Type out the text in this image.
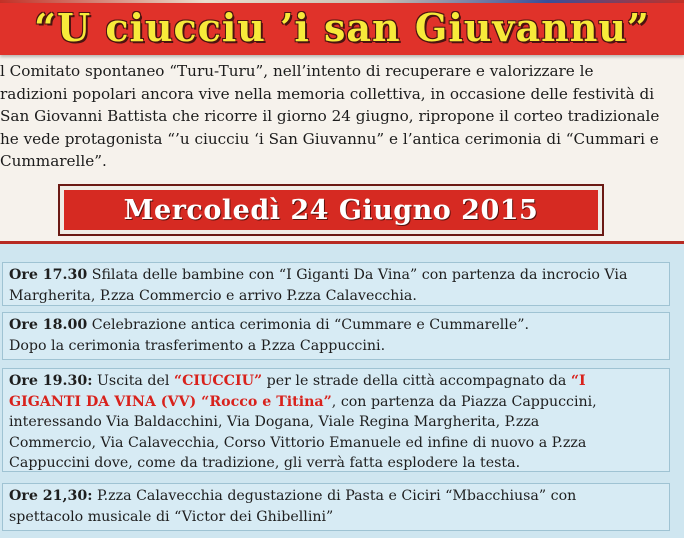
“U ciucciu ’i san Giuvannu”
l Comitato spontaneo “Turu-Turu”, nell’intento di recuperare e valorizzare le
radizioni popolari ancora vive nella memoria collettiva, in occasione delle festività di
San Giovanni Battista che ricorre il giorno 24 giugno, ripropone il corteo tradizionale
he vede protagonista “’u ciucciu ‘i San Giuvannu” e l’antica cerimonia di “Cummari e
Cummarelle”.
Mercoledì 24 Giugno 2015
Ore 17.30 Sfilata delle bambine con “I Giganti Da Vina” con partenza da incrocio Via
Margherita, P.zza Commercio e arrivo P.zza Calavecchia.
Ore 18.00 Celebrazione antica cerimonia di “Cummare e Cummarelle”.
Dopo la cerimonia trasferimento a P.zza Cappuccini.
Ore 19.30: Uscita del “CIUCCIU” per le strade della città accompagnato da “I
GIGANTI DA VINA (VV) “Rocco e Titina”, con partenza da Piazza Cappuccini,
interessando Via Baldacchini, Via Dogana, Viale Regina Margherita, P.zza
Commercio, Via Calavecchia, Corso Vittorio Emanuele ed infine di nuovo a P.zza
Cappuccini dove, come da tradizione, gli verrà fatta esplodere la testa.
Ore 21,30: P.zza Calavecchia degustazione di Pasta e Ciciri “Mbacchiusa” con
spettacolo musicale di “Victor dei Ghibellini”
